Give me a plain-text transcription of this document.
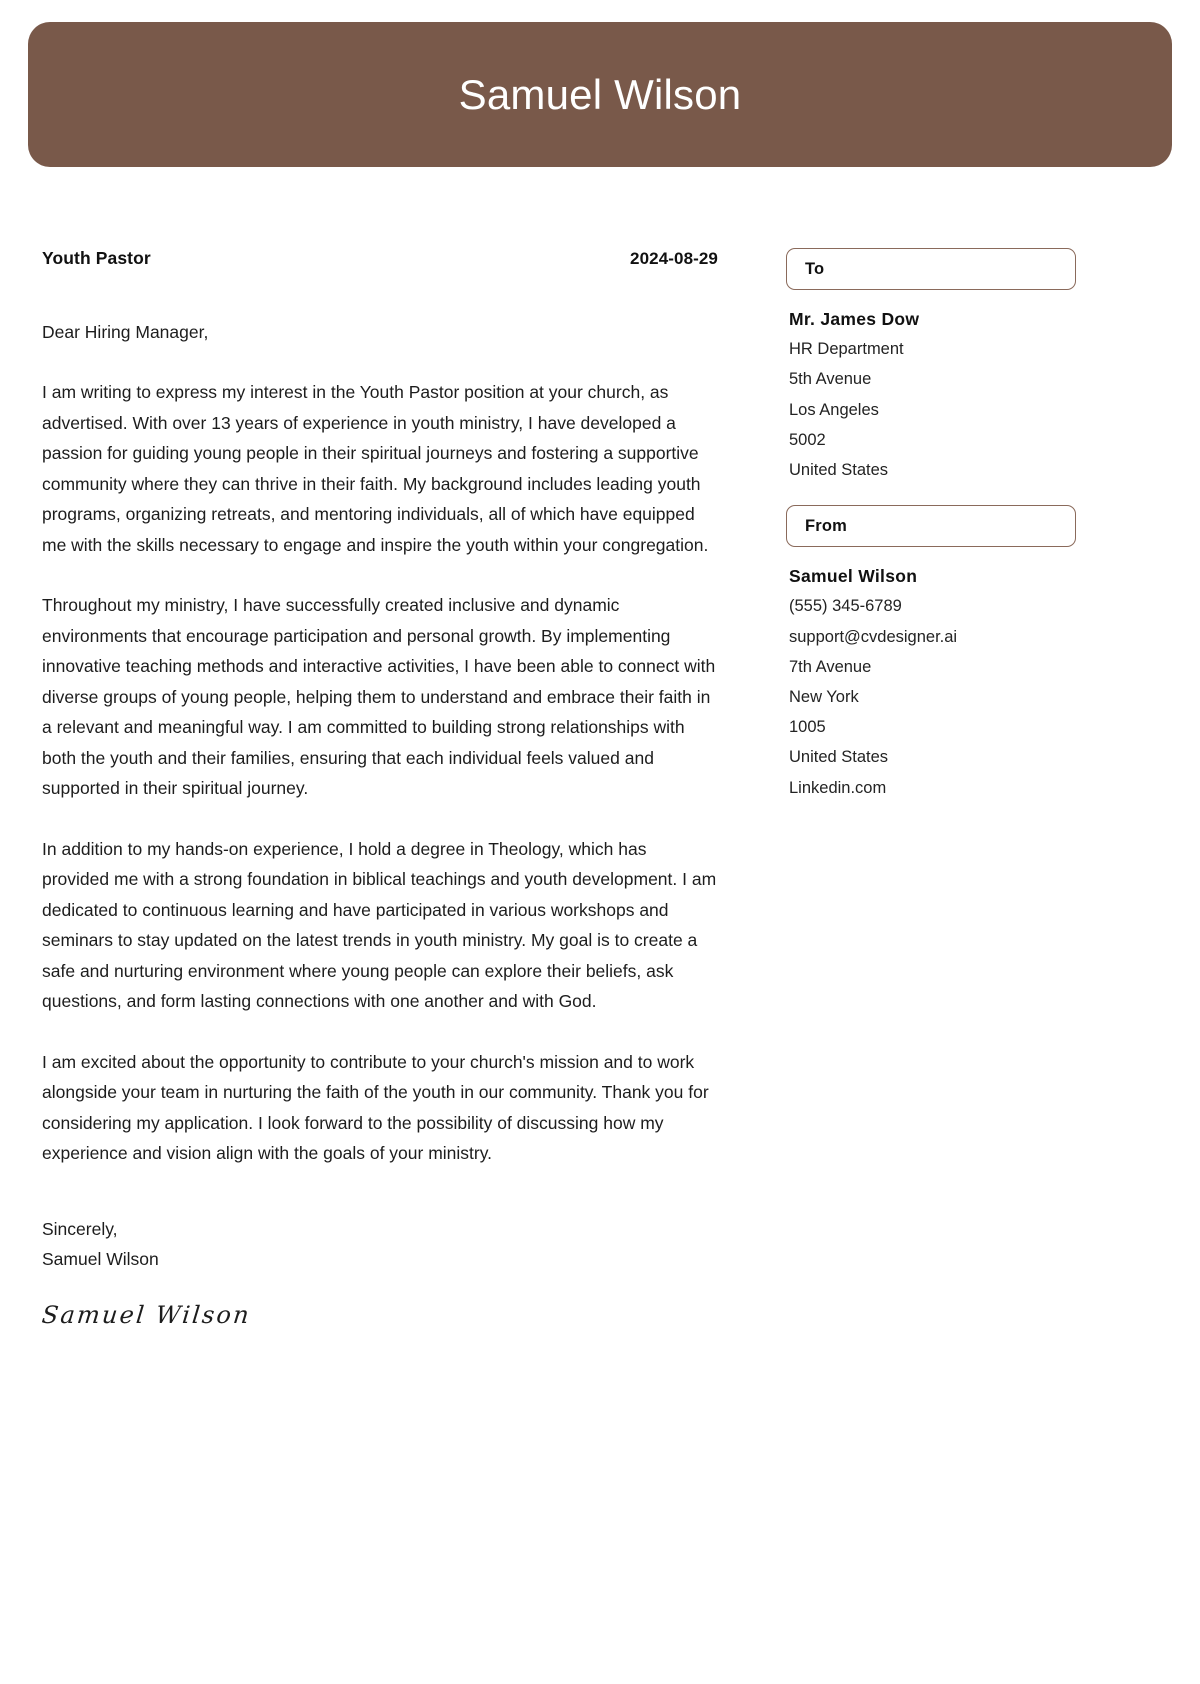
Samuel Wilson
Youth Pastor	2024-08-29
Dear Hiring Manager,

I am writing to express my interest in the Youth Pastor position at your church, as advertised. With over 13 years of experience in youth ministry, I have developed a passion for guiding young people in their spiritual journeys and fostering a supportive community where they can thrive in their faith. My background includes leading youth programs, organizing retreats, and mentoring individuals, all of which have equipped me with the skills necessary to engage and inspire the youth within your congregation.

Throughout my ministry, I have successfully created inclusive and dynamic environments that encourage participation and personal growth. By implementing innovative teaching methods and interactive activities, I have been able to connect with diverse groups of young people, helping them to understand and embrace their faith in a relevant and meaningful way. I am committed to building strong relationships with both the youth and their families, ensuring that each individual feels valued and supported in their spiritual journey.

In addition to my hands-on experience, I hold a degree in Theology, which has provided me with a strong foundation in biblical teachings and youth development. I am dedicated to continuous learning and have participated in various workshops and seminars to stay updated on the latest trends in youth ministry. My goal is to create a safe and nurturing environment where young people can explore their beliefs, ask questions, and form lasting connections with one another and with God.

I am excited about the opportunity to contribute to your church's mission and to work alongside your team in nurturing the faith of the youth in our community. Thank you for considering my application. I look forward to the possibility of discussing how my experience and vision align with the goals of your ministry.

Sincerely,
Samuel Wilson
Samuel Wilson
To
Mr. James Dow
HR Department
5th Avenue
Los Angeles
5002
United States
From
Samuel Wilson
(555) 345-6789
support@cvdesigner.ai
7th Avenue
New York
1005
United States
Linkedin.com
